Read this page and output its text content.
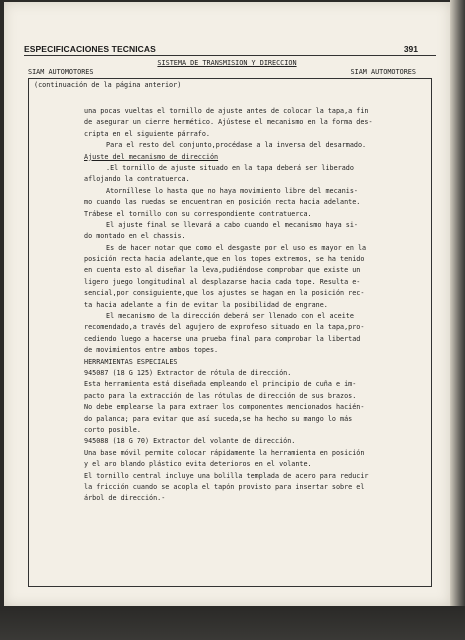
ESPECIFICACIONES TECNICAS	391
SISTEMA DE TRANSMISION Y DIRECCION
SIAM AUTOMOTORES	SIAM AUTOMOTORES
(continuación de la página anterior)
una pocas vueltas el tornillo de ajuste antes de colocar la tapa,a fin
de asegurar un cierre hermético. Ajústese el mecanismo en la forma des-
cripta en el siguiente párrafo.
Para el resto del conjunto,procédase a la inversa del desarmado.
Ajuste del mecanismo de dirección
.El tornillo de ajuste situado en la tapa deberá ser liberado
aflojando la contratuerca.
Atorníllese lo hasta que no haya movimiento libre del mecanis-
mo cuando las ruedas se encuentran en posición recta hacia adelante.
Trábese el tornillo con su correspondiente contratuerca.
El ajuste final se llevará a cabo cuando el mecanismo haya si-
do montado en el chassis.
Es de hacer notar que como el desgaste por el uso es mayor en la
posición recta hacia adelante,que en los topes extremos, se ha tenido
en cuenta esto al diseñar la leva,pudiéndose comprobar que existe un
ligero juego longitudinal al desplazarse hacia cada tope. Resulta e-
sencial,por consiguiente,que los ajustes se hagan en la posición rec-
ta hacia adelante a fin de evitar la posibilidad de engrane.
El mecanismo de la dirección deberá ser llenado con el aceite
recomendado,a través del agujero de exprofeso situado en la tapa,pro-
cediendo luego a hacerse una prueba final para comprobar la libertad
de movimientos entre ambos topes.
HERRAMIENTAS ESPECIALES
945087 (18 G 125) Extractor de rótula de dirección.
Esta herramienta está diseñada empleando el principio de cuña e im-
pacto para la extracción de las rótulas de dirección de sus brazos.
No debe emplearse la para extraer los componentes mencionados hacién-
do palanca; para evitar que así suceda,se ha hecho su mango lo más
corto posible.
945088 (18 G 70) Extractor del volante de dirección.
Una base móvil permite colocar rápidamente la herramienta en posición
y el aro blando plástico evita deterioros en el volante.
El tornillo central incluye una bolilla templada de acero para reducir
la fricción cuando se acopla el tapón provisto para insertar sobre el
árbol de dirección.-
